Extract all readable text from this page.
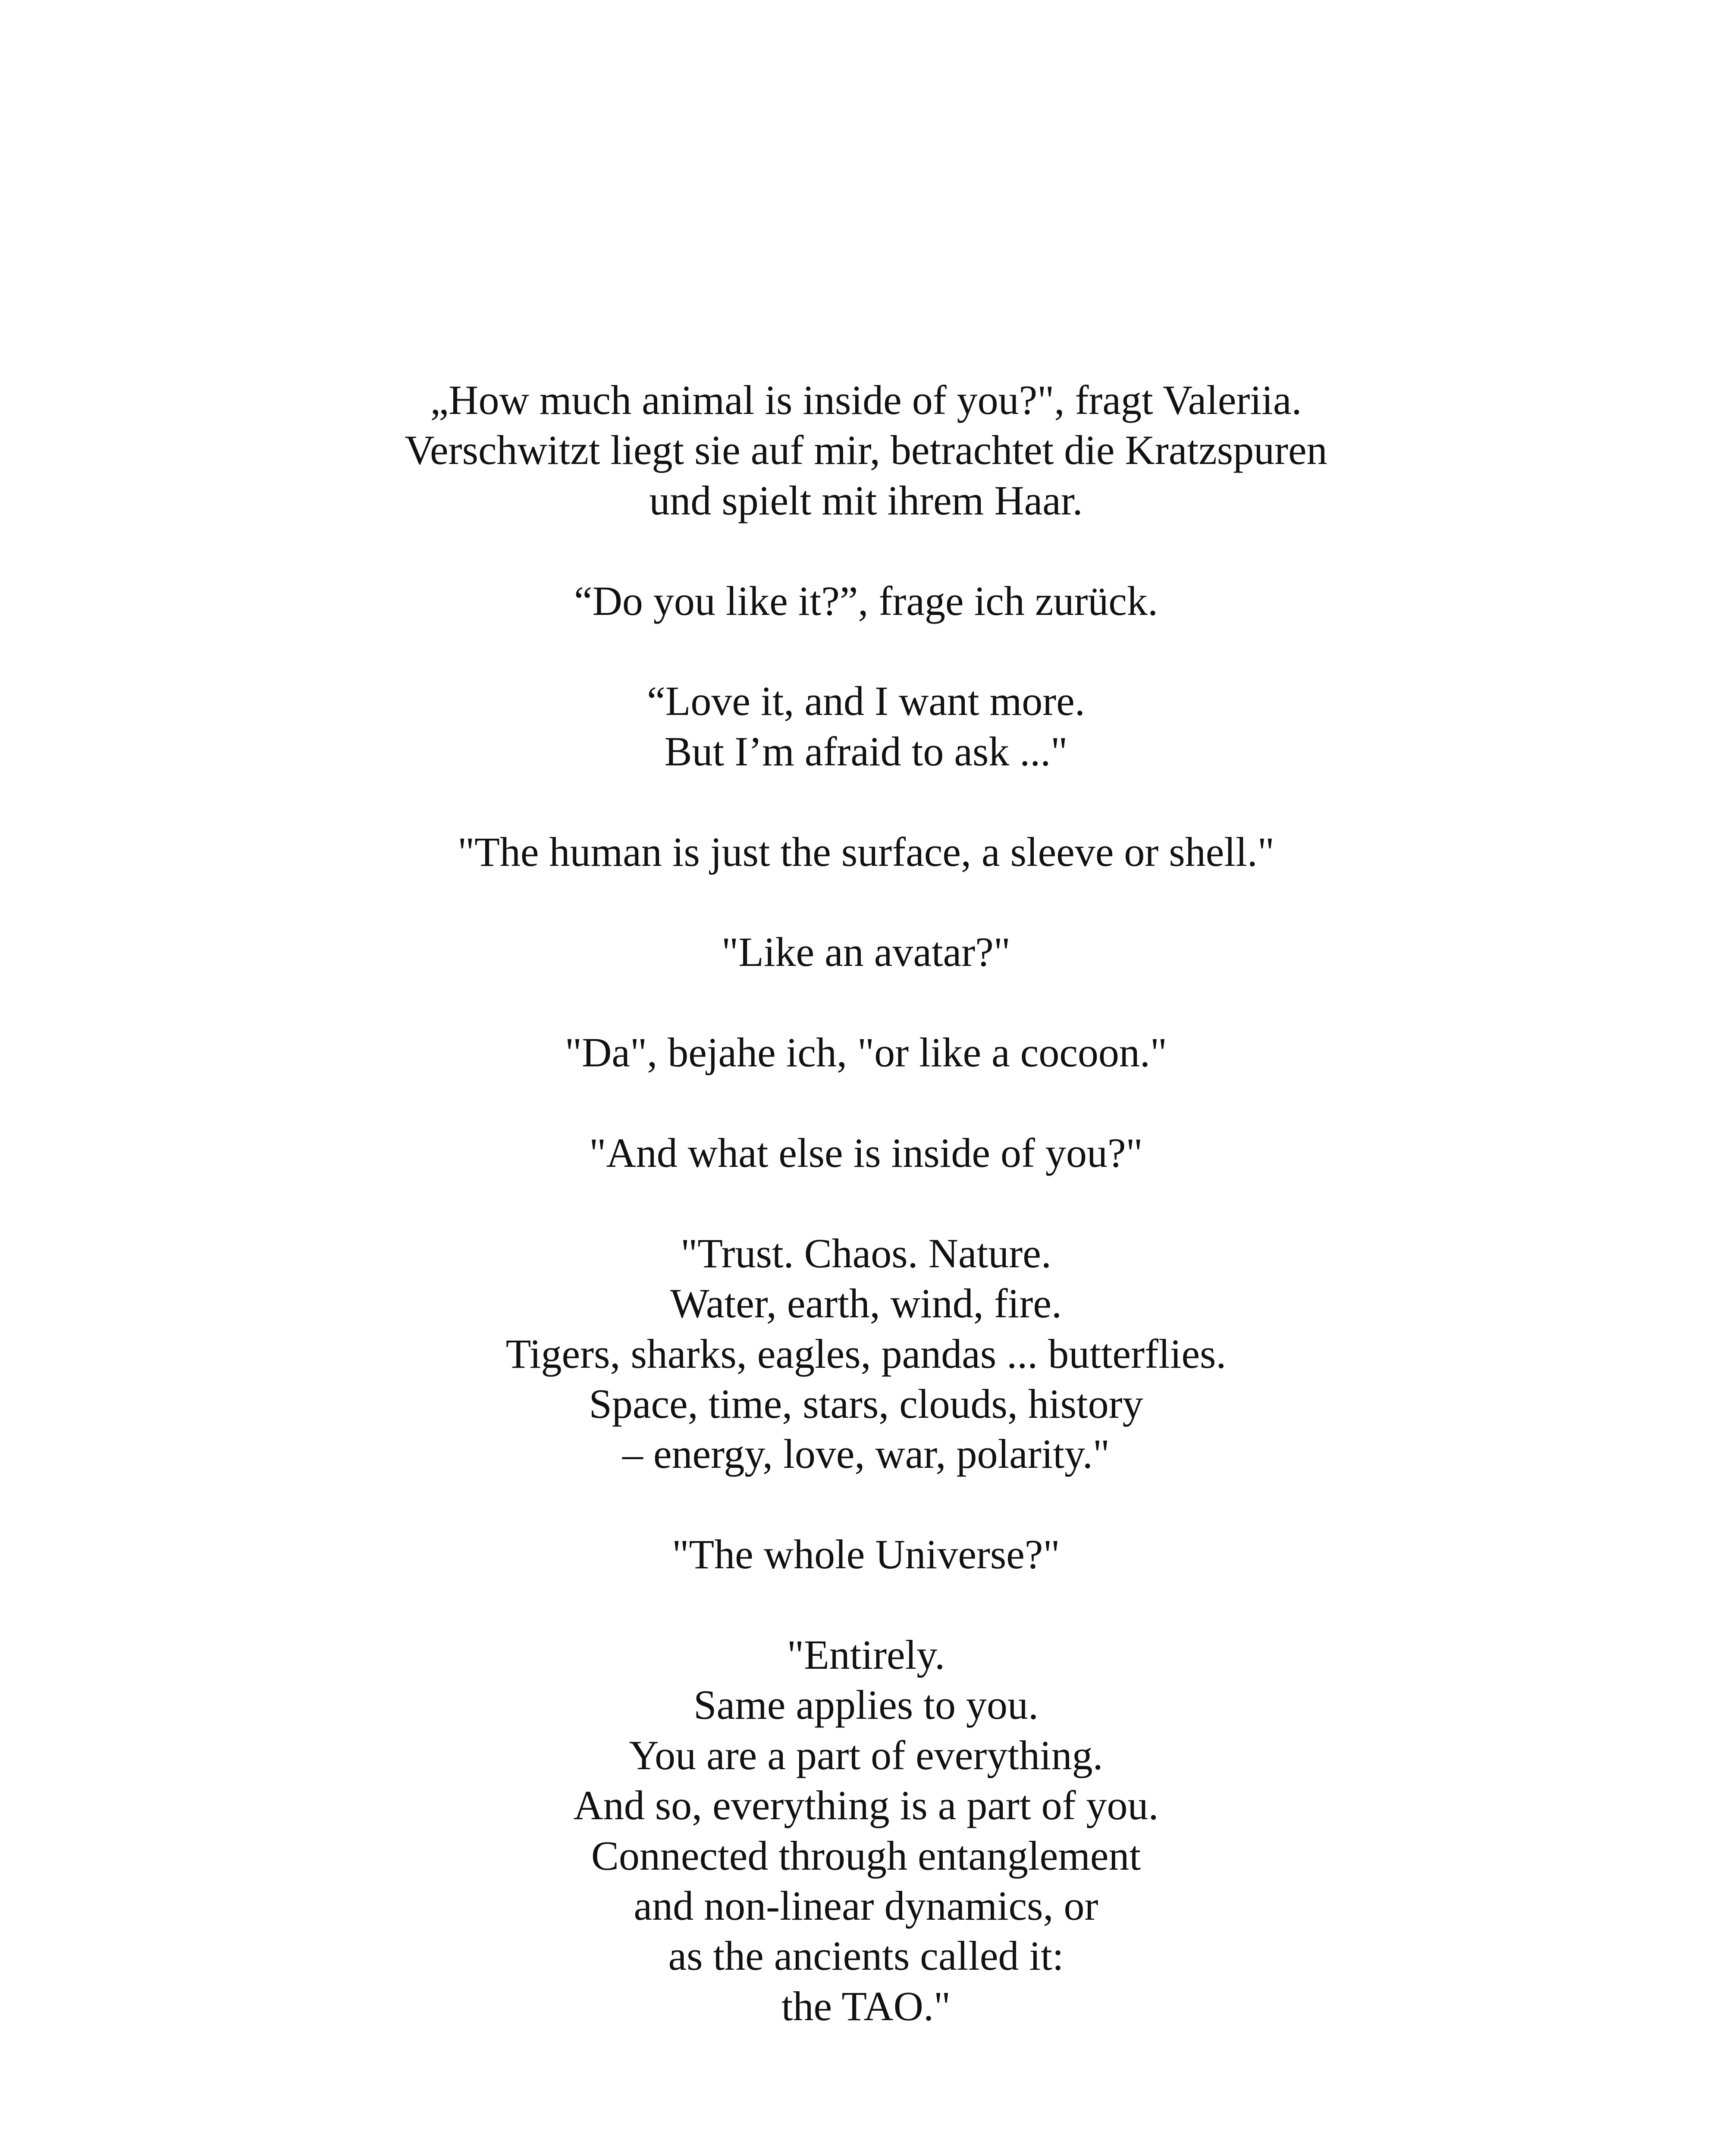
„How much animal is inside of you?", fragt Valeriia.
Verschwitzt liegt sie auf mir, betrachtet die Kratzspuren
und spielt mit ihrem Haar.

“Do you like it?”, frage ich zurück.

“Love it, and I want more.
But I’m afraid to ask ..."

"The human is just the surface, a sleeve or shell."

"Like an avatar?"

"Da", bejahe ich, "or like a cocoon."

"And what else is inside of you?"

"Trust. Chaos. Nature.
Water, earth, wind, fire.
Tigers, sharks, eagles, pandas ... butterflies.
Space, time, stars, clouds, history
– energy, love, war, polarity."

"The whole Universe?"

"Entirely.
Same applies to you.
You are a part of everything.
And so, everything is a part of you.
Connected through entanglement
and non-linear dynamics, or
as the ancients called it:
the TAO."
